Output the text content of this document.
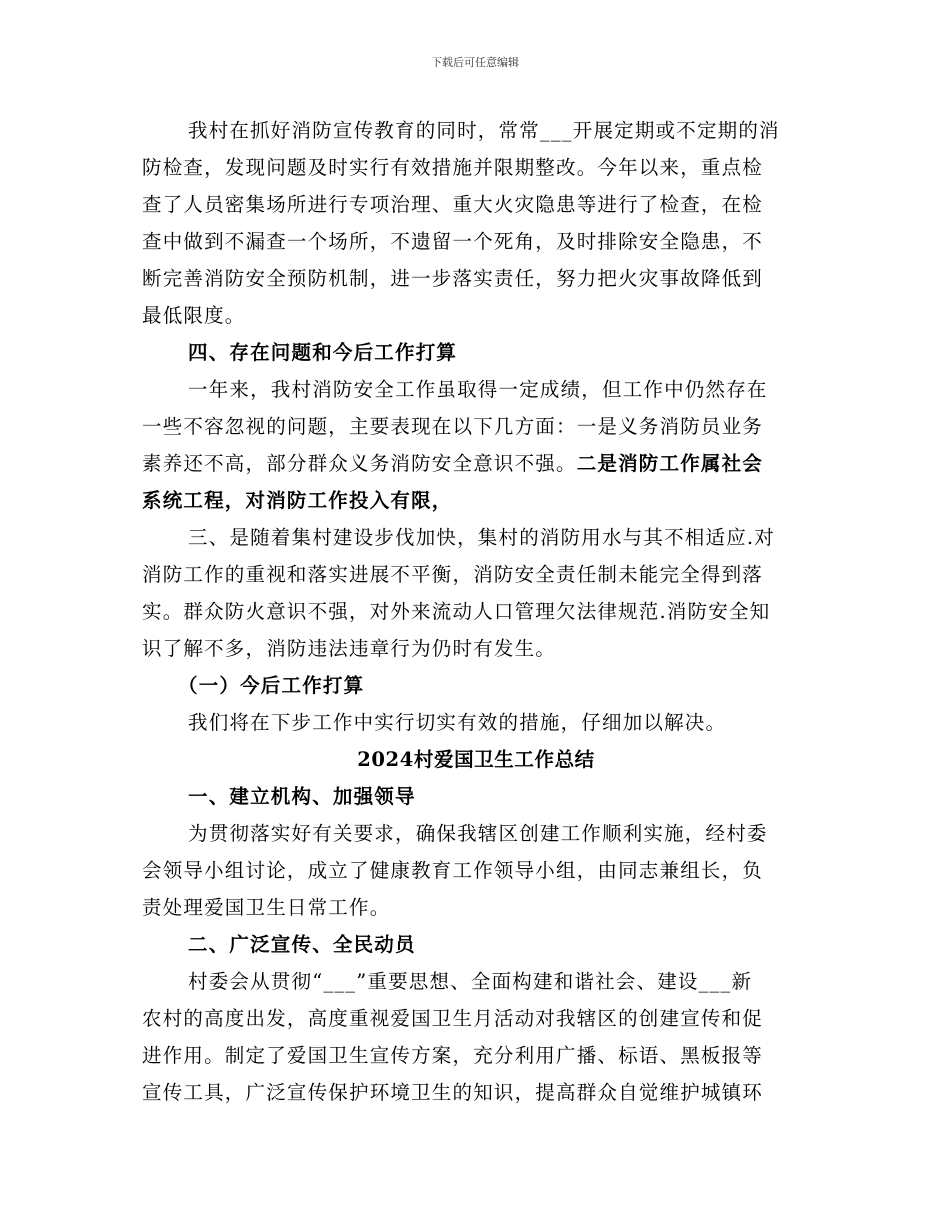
下载后可任意编辑
我村在抓好消防宣传教育的同时，常常___开展定期或不定期的消
防检查，发现问题及时实行有效措施并限期整改。今年以来，重点检
查了人员密集场所进行专项治理、重大火灾隐患等进行了检查，在检
查中做到不漏查一个场所，不遗留一个死角，及时排除安全隐患，不
断完善消防安全预防机制，进一步落实责任，努力把火灾事故降低到
最低限度。
四、存在问题和今后工作打算
一年来，我村消防安全工作虽取得一定成绩，但工作中仍然存在
一些不容忽视的问题，主要表现在以下几方面：一是义务消防员业务
素养还不高，部分群众义务消防安全意识不强。二是消防工作属社会
系统工程，对消防工作投入有限，
三、是随着集村建设步伐加快，集村的消防用水与其不相适应.对
消防工作的重视和落实进展不平衡，消防安全责任制未能完全得到落
实。群众防火意识不强，对外来流动人口管理欠法律规范.消防安全知
识了解不多，消防违法违章行为仍时有发生。
（一）今后工作打算
我们将在下步工作中实行切实有效的措施，仔细加以解决。
2024村爱国卫生工作总结
一、建立机构、加强领导
为贯彻落实好有关要求，确保我辖区创建工作顺利实施，经村委
会领导小组讨论，成立了健康教育工作领导小组，由同志兼组长，负
责处理爱国卫生日常工作。
二、广泛宣传、全民动员
村委会从贯彻“___”重要思想、全面构建和谐社会、建设___新
农村的高度出发，高度重视爱国卫生月活动对我辖区的创建宣传和促
进作用。制定了爱国卫生宣传方案，充分利用广播、标语、黑板报等
宣传工具，广泛宣传保护环境卫生的知识，提高群众自觉维护城镇环
